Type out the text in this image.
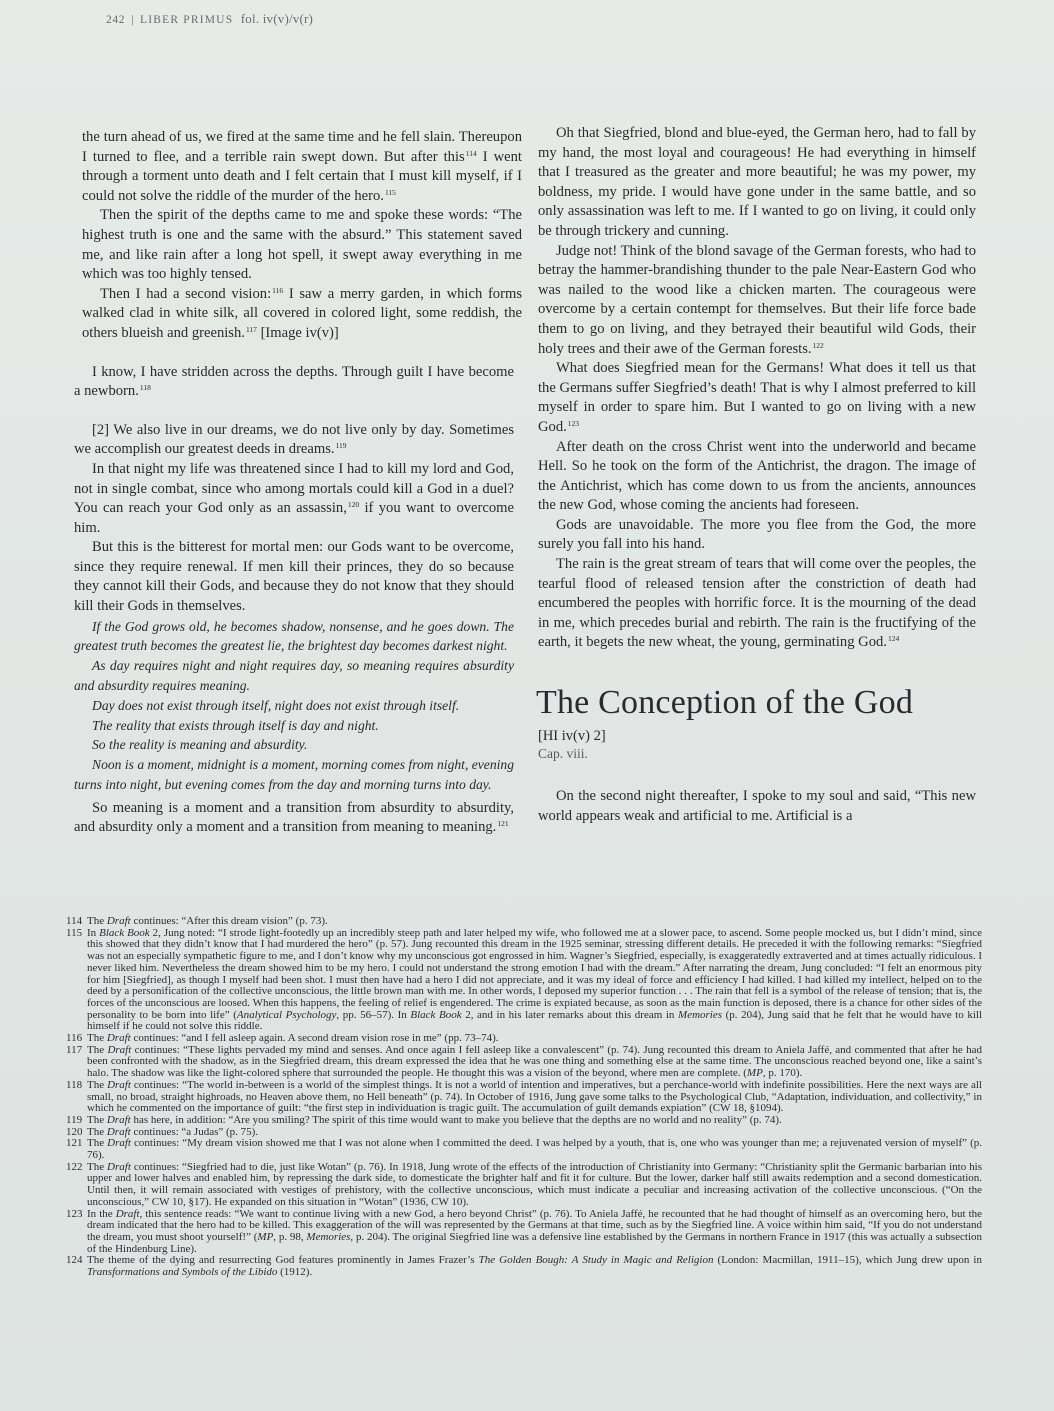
242 | LIBER PRIMUS fol. iv(v)/v(r)

the turn ahead of us, we fired at the same time and he fell slain. Thereupon I turned to flee, and a terrible rain swept down. But after this$^{114}$ I went through a torment unto death and I felt certain that I must kill myself, if I could not solve the riddle of the murder of the hero.$^{115}$

Then the spirit of the depths came to me and spoke these words: “The highest truth is one and the same with the absurd.” This statement saved me, and like rain after a long hot spell, it swept away everything in me which was too highly tensed.

Then I had a second vision:$^{116}$ I saw a merry garden, in which forms walked clad in white silk, all covered in colored light, some reddish, the others blueish and greenish.$^{117}$ [Image iv(v)]

I know, I have stridden across the depths. Through guilt I have become a newborn.$^{118}$

[2] We also live in our dreams, we do not live only by day. Sometimes we accomplish our greatest deeds in dreams.$^{119}$

In that night my life was threatened since I had to kill my lord and God, not in single combat, since who among mortals could kill a God in a duel? You can reach your God only as an assassin,$^{120}$ if you want to overcome him.

But this is the bitterest for mortal men: our Gods want to be overcome, since they require renewal. If men kill their princes, they do so because they cannot kill their Gods, and because they do not know that they should kill their Gods in themselves.

If the God grows old, he becomes shadow, nonsense, and he goes down. The greatest truth becomes the greatest lie, the brightest day becomes darkest night.

As day requires night and night requires day, so meaning requires absurdity and absurdity requires meaning.

Day does not exist through itself, night does not exist through itself.

The reality that exists through itself is day and night.

So the reality is meaning and absurdity.

Noon is a moment, midnight is a moment, morning comes from night, evening turns into night, but evening comes from the day and morning turns into day.

So meaning is a moment and a transition from absurdity to absurdity, and absurdity only a moment and a transition from meaning to meaning.$^{121}$

Oh that Siegfried, blond and blue-eyed, the German hero, had to fall by my hand, the most loyal and courageous! He had everything in himself that I treasured as the greater and more beautiful; he was my power, my boldness, my pride. I would have gone under in the same battle, and so only assassination was left to me. If I wanted to go on living, it could only be through trickery and cunning.

Judge not! Think of the blond savage of the German forests, who had to betray the hammer-brandishing thunder to the pale Near-Eastern God who was nailed to the wood like a chicken marten. The courageous were overcome by a certain contempt for themselves. But their life force bade them to go on living, and they betrayed their beautiful wild Gods, their holy trees and their awe of the German forests.$^{122}$

What does Siegfried mean for the Germans! What does it tell us that the Germans suffer Siegfried’s death! That is why I almost preferred to kill myself in order to spare him. But I wanted to go on living with a new God.$^{123}$

After death on the cross Christ went into the underworld and became Hell. So he took on the form of the Antichrist, the dragon. The image of the Antichrist, which has come down to us from the ancients, announces the new God, whose coming the ancients had foreseen.

Gods are unavoidable. The more you flee from the God, the more surely you fall into his hand.

The rain is the great stream of tears that will come over the peoples, the tearful flood of released tension after the constriction of death had encumbered the peoples with horrific force. It is the mourning of the dead in me, which precedes burial and rebirth. The rain is the fructifying of the earth, it begets the new wheat, the young, germinating God.$^{124}$

The Conception of the God

[HI iv(v) 2]

Cap. viii.

On the second night thereafter, I spoke to my soul and said, “This new world appears weak and artificial to me. Artificial is a

114 The Draft continues: “After this dream vision” (p. 73).
115 In Black Book 2, Jung noted: “I strode light-footedly up an incredibly steep path and later helped my wife, who followed me at a slower pace, to ascend. Some people mocked us, but I didn’t mind, since this showed that they didn’t know that I had murdered the hero” (p. 57). Jung recounted this dream in the 1925 seminar, stressing different details. He preceded it with the following remarks: “Siegfried was not an especially sympathetic figure to me, and I don’t know why my unconscious got engrossed in him. Wagner’s Siegfried, especially, is exaggeratedly extraverted and at times actually ridiculous. I never liked him. Nevertheless the dream showed him to be my hero. I could not understand the strong emotion I had with the dream.” After narrating the dream, Jung concluded: “I felt an enormous pity for him [Siegfried], as though I myself had been shot. I must then have had a hero I did not appreciate, and it was my ideal of force and efficiency I had killed. I had killed my intellect, helped on to the deed by a personification of the collective unconscious, the little brown man with me. In other words, I deposed my superior function . . . The rain that fell is a symbol of the release of tension; that is, the forces of the unconscious are loosed. When this happens, the feeling of relief is engendered. The crime is expiated because, as soon as the main function is deposed, there is a chance for other sides of the personality to be born into life” (Analytical Psychology, pp. 56–57). In Black Book 2, and in his later remarks about this dream in Memories (p. 204), Jung said that he felt that he would have to kill himself if he could not solve this riddle.
116 The Draft continues: “and I fell asleep again. A second dream vision rose in me” (pp. 73–74).
117 The Draft continues: “These lights pervaded my mind and senses. And once again I fell asleep like a convalescent” (p. 74). Jung recounted this dream to Aniela Jaffé, and commented that after he had been confronted with the shadow, as in the Siegfried dream, this dream expressed the idea that he was one thing and something else at the same time. The unconscious reached beyond one, like a saint’s halo. The shadow was like the light-colored sphere that surrounded the people. He thought this was a vision of the beyond, where men are complete. (MP, p. 170).
118 The Draft continues: “The world in-between is a world of the simplest things. It is not a world of intention and imperatives, but a perchance-world with indefinite possibilities. Here the next ways are all small, no broad, straight highroads, no Heaven above them, no Hell beneath” (p. 74). In October of 1916, Jung gave some talks to the Psychological Club, “Adaptation, individuation, and collectivity,” in which he commented on the importance of guilt: “the first step in individuation is tragic guilt. The accumulation of guilt demands expiation” (CW 18, §1094).
119 The Draft has here, in addition: “Are you smiling? The spirit of this time would want to make you believe that the depths are no world and no reality” (p. 74).
120 The Draft continues: “a Judas” (p. 75).
121 The Draft continues: “My dream vision showed me that I was not alone when I committed the deed. I was helped by a youth, that is, one who was younger than me; a rejuvenated version of myself” (p. 76).
122 The Draft continues: “Siegfried had to die, just like Wotan” (p. 76). In 1918, Jung wrote of the effects of the introduction of Christianity into Germany: “Christianity split the Germanic barbarian into his upper and lower halves and enabled him, by repressing the dark side, to domesticate the brighter half and fit it for culture. But the lower, darker half still awaits redemption and a second domestication. Until then, it will remain associated with vestiges of prehistory, with the collective unconscious, which must indicate a peculiar and increasing activation of the collective unconscious. (“On the unconscious,” CW 10, §17). He expanded on this situation in “Wotan” (1936, CW 10).
123 In the Draft, this sentence reads: “We want to continue living with a new God, a hero beyond Christ” (p. 76). To Aniela Jaffé, he recounted that he had thought of himself as an overcoming hero, but the dream indicated that the hero had to be killed. This exaggeration of the will was represented by the Germans at that time, such as by the Siegfried line. A voice within him said, “If you do not understand the dream, you must shoot yourself!” (MP, p. 98, Memories, p. 204). The original Siegfried line was a defensive line established by the Germans in northern France in 1917 (this was actually a subsection of the Hindenburg Line).
124 The theme of the dying and resurrecting God features prominently in James Frazer’s The Golden Bough: A Study in Magic and Religion (London: Macmillan, 1911–15), which Jung drew upon in Transformations and Symbols of the Libido (1912).
